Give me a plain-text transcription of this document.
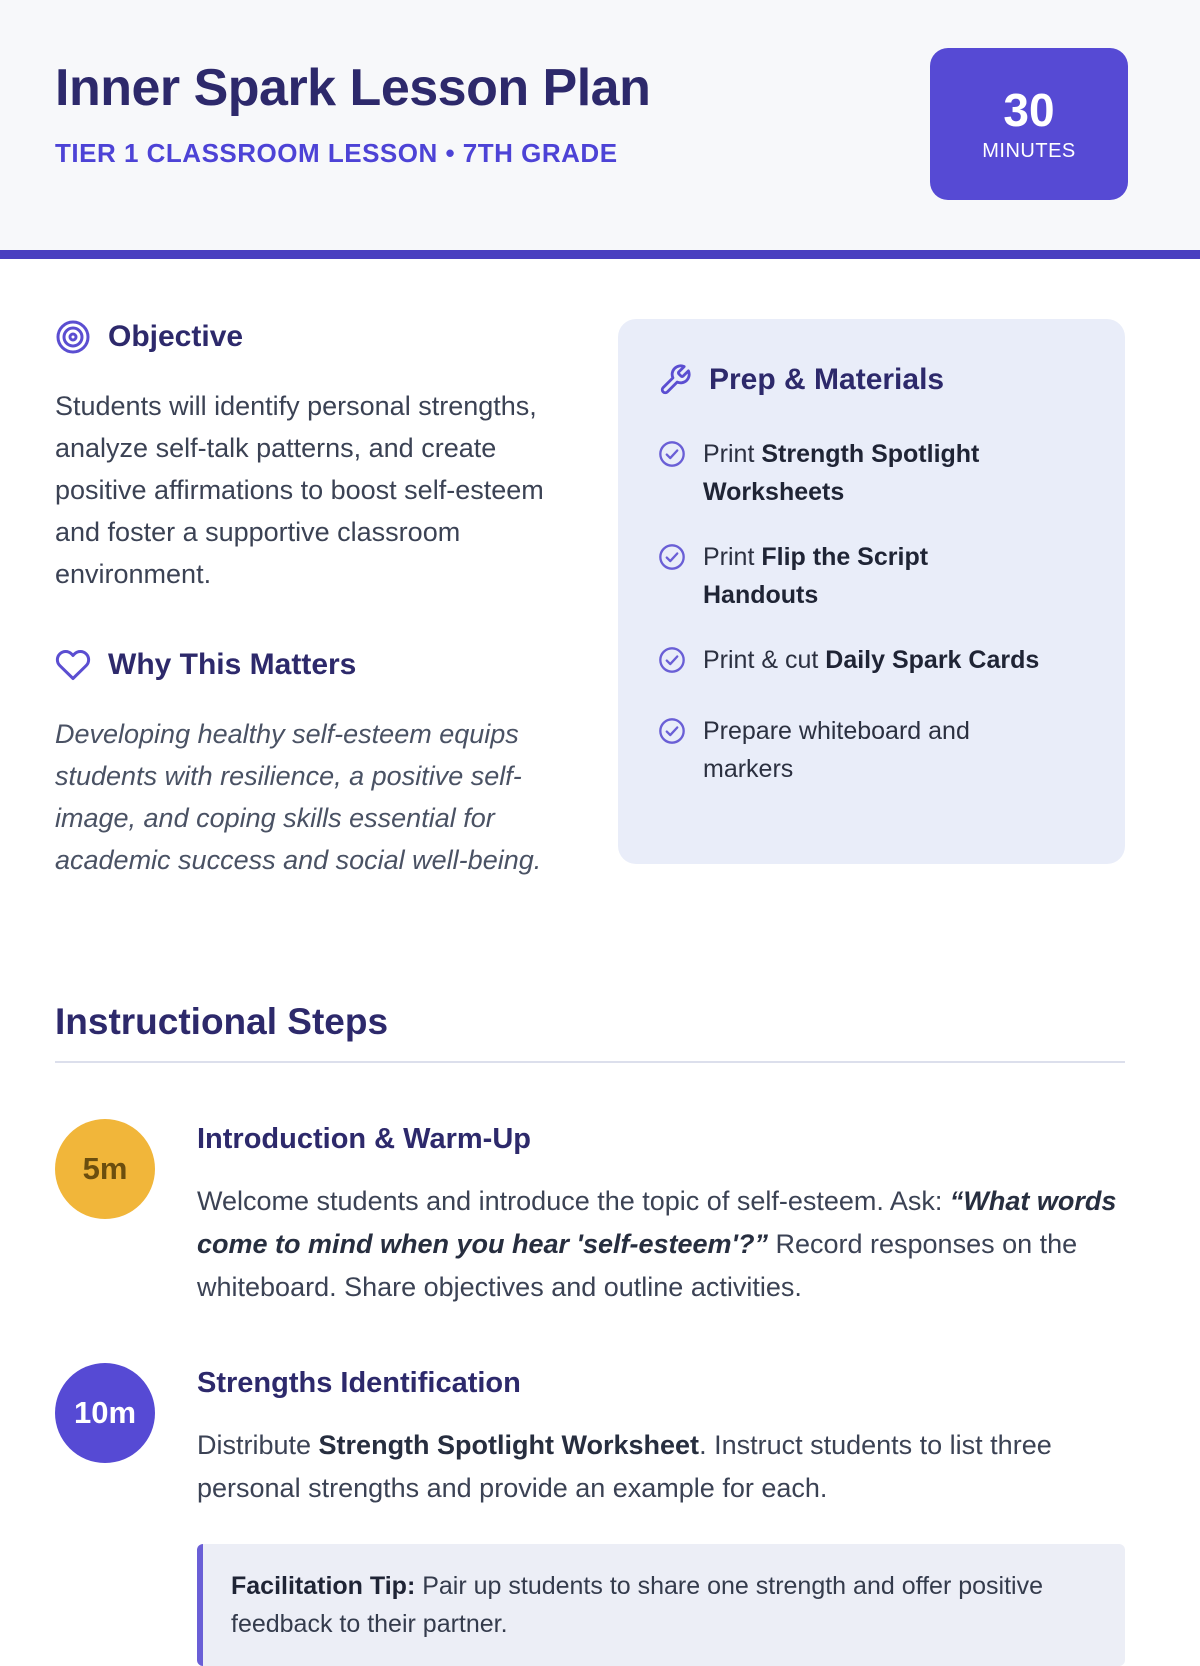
Inner Spark Lesson Plan
TIER 1 CLASSROOM LESSON • 7TH GRADE
30
MINUTES
Objective

Students will identify personal strengths, analyze self-talk patterns, and create positive affirmations to boost self-esteem and foster a supportive classroom environment.

Why This Matters

Developing healthy self-esteem equips students with resilience, a positive self-image, and coping skills essential for academic success and social well-being.

Prep & Materials
Print Strength Spotlight Worksheets
Print Flip the Script Handouts
Print & cut Daily Spark Cards
Prepare whiteboard and markers
Instructional Steps
5m
Introduction & Warm-Up

Welcome students and introduce the topic of self-esteem. Ask: “What words come to mind when you hear 'self-esteem'?” Record responses on the whiteboard. Share objectives and outline activities.

10m
Strengths Identification

Distribute Strength Spotlight Worksheet. Instruct students to list three personal strengths and provide an example for each.

Facilitation Tip: Pair up students to share one strength and offer positive feedback to their partner.
